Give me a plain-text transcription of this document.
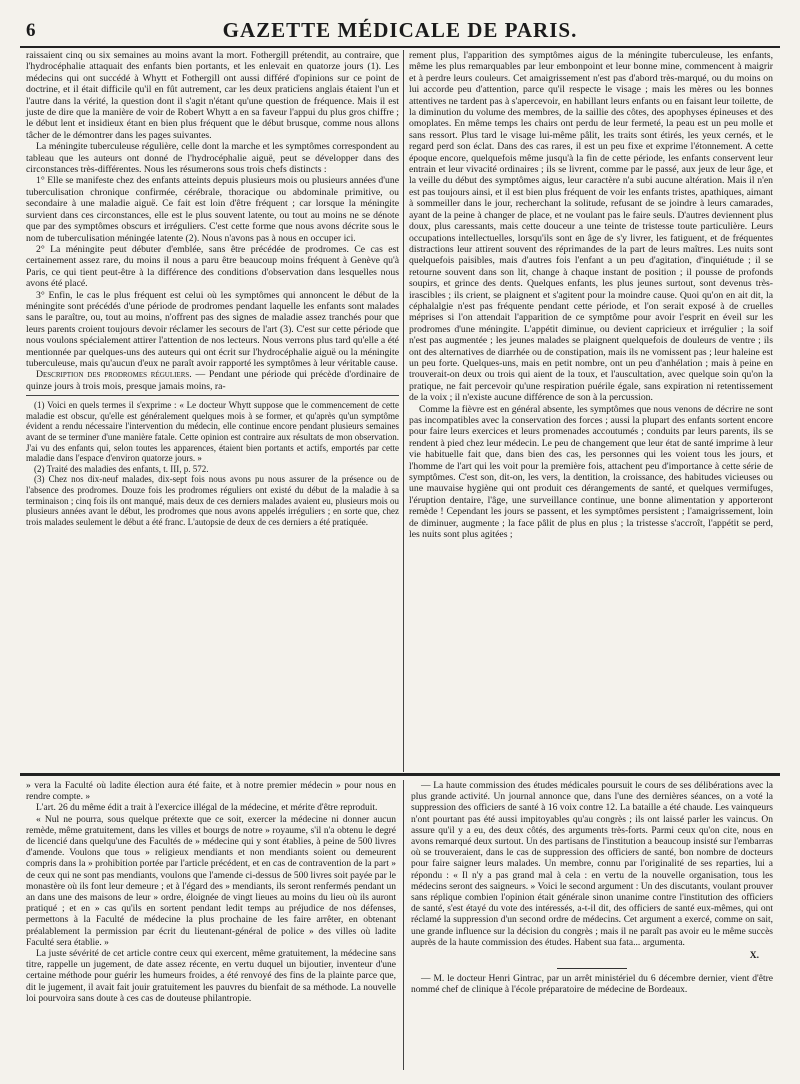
6	GAZETTE MÉDICALE DE PARIS.

raissaient cinq ou six semaines au moins avant la mort. Fothergill prétendit, au contraire, que l'hydrocéphalie attaquait des enfants bien portants, et les enlevait en quatorze jours (1). Les médecins qui ont succédé à Whytt et Fothergill ont aussi différé d'opinions sur ce point de doctrine, et il était difficile qu'il en fût autrement, car les deux praticiens anglais étaient l'un et l'autre dans la vérité, la question dont il s'agit n'étant qu'une question de fréquence. Mais il est juste de dire que la manière de voir de Robert Whytt a en sa faveur l'appui du plus gros chiffre ; le début lent et insidieux étant en bien plus fréquent que le début brusque, comme nous allons tâcher de le démontrer dans les pages suivantes.

La méningite tuberculeuse régulière, celle dont la marche et les symptômes correspondent au tableau que les auteurs ont donné de l'hydrocéphalie aiguë, peut se développer dans des circonstances très-différentes. Nous les résumerons sous trois chefs distincts :

1° Elle se manifeste chez des enfants atteints depuis plusieurs mois ou plusieurs années d'une tuberculisation chronique confirmée, cérébrale, thoracique ou abdominale primitive, ou secondaire à une maladie aiguë. Ce fait est loin d'être fréquent ; car lorsque la méningite survient dans ces circonstances, elle est le plus souvent latente, ou tout au moins ne se dénote que par des symptômes obscurs et irréguliers. C'est cette forme que nous avons décrite sous le nom de tuberculisation méningée latente (2). Nous n'avons pas à nous en occuper ici.

2° La méningite peut débuter d'emblée, sans être précédée de prodromes. Ce cas est certainement assez rare, du moins il nous a paru être beaucoup moins fréquent à Genève qu'à Paris, ce qui tient peut-être à la différence des conditions d'observation dans lesquelles nous avons été placé.

3° Enfin, le cas le plus fréquent est celui où les symptômes qui annoncent le début de la méningite sont précédés d'une période de prodromes pendant laquelle les enfants sont malades sans le paraître, ou, tout au moins, n'offrent pas des signes de maladie assez tranchés pour que leurs parents croient toujours devoir réclamer les secours de l'art (3). C'est sur cette période que nous voulons spécialement attirer l'attention de nos lecteurs. Nous verrons plus tard qu'elle a été mentionnée par quelques-uns des auteurs qui ont écrit sur l'hydrocéphalie aiguë ou la méningite tuberculeuse, mais qu'aucun d'eux ne paraît avoir rapporté les symptômes à leur véritable cause.

Description des prodromes réguliers. — Pendant une période qui précède d'ordinaire de quinze jours à trois mois, presque jamais moins, ra-

(1) Voici en quels termes il s'exprime : « Le docteur Whytt suppose que le commencement de cette maladie est obscur, qu'elle est généralement quelques mois à se former, et qu'après qu'un symptôme évident a rendu nécessaire l'intervention du médecin, elle continue encore pendant plusieurs semaines avant de se terminer d'une manière fatale. Cette opinion est contraire aux résultats de mon observation. J'ai vu des enfants qui, selon toutes les apparences, étaient bien portants et actifs, emportés par cette maladie dans l'espace d'environ quatorze jours. »

(2) Traité des maladies des enfants, t. III, p. 572.

(3) Chez nos dix-neuf malades, dix-sept fois nous avons pu nous assurer de la présence ou de l'absence des prodromes. Douze fois les prodromes réguliers ont existé du début de la maladie à sa terminaison ; cinq fois ils ont manqué, mais deux de ces derniers malades avaient eu, plusieurs mois ou plusieurs années avant le début, les prodromes que nous avons appelés irréguliers ; en sorte que, chez trois malades seulement le début a été franc. L'autopsie de deux de ces derniers a été pratiquée.

rement plus, l'apparition des symptômes aigus de la méningite tuberculeuse, les enfants, même les plus remarquables par leur embonpoint et leur bonne mine, commencent à maigrir et à perdre leurs couleurs. Cet amaigrissement n'est pas d'abord très-marqué, ou du moins on lui accorde peu d'attention, parce qu'il respecte le visage ; mais les mères ou les bonnes attentives ne tardent pas à s'apercevoir, en habillant leurs enfants ou en faisant leur toilette, de la diminution du volume des membres, de la saillie des côtes, des apophyses épineuses et des omoplates. En même temps les chairs ont perdu de leur fermeté, la peau est un peu molle et sans ressort. Plus tard le visage lui-même pâlit, les traits sont étirés, les yeux cernés, et le regard perd son éclat. Dans des cas rares, il est un peu fixe et exprime l'étonnement. A cette époque encore, quelquefois même jusqu'à la fin de cette période, les enfants conservent leur entrain et leur vivacité ordinaires ; ils se livrent, comme par le passé, aux jeux de leur âge, et la veille du début des symptômes aigus, leur caractère n'a subi aucune altération. Mais il n'en est pas toujours ainsi, et il est bien plus fréquent de voir les enfants tristes, apathiques, aimant à sommeiller dans le jour, recherchant la solitude, refusant de se joindre à leurs camarades, ayant de la peine à changer de place, et ne voulant pas le faire seuls. D'autres deviennent plus doux, plus caressants, mais cette douceur a une teinte de tristesse toute particulière. Leurs occupations intellectuelles, lorsqu'ils sont en âge de s'y livrer, les fatiguent, et de fréquentes distractions leur attirent souvent des réprimandes de la part de leurs maîtres. Les nuits sont quelquefois paisibles, mais d'autres fois l'enfant a un peu d'agitation, d'inquiétude ; il se retourne souvent dans son lit, change à chaque instant de position ; il pousse de profonds soupirs, et grince des dents. Quelques enfants, les plus jeunes surtout, sont devenus très-irascibles ; ils crient, se plaignent et s'agitent pour la moindre cause. Quoi qu'on en ait dit, la céphalalgie n'est pas fréquente pendant cette période, et l'on serait exposé à de cruelles méprises si l'on attendait l'apparition de ce symptôme pour avoir l'esprit en éveil sur les prodromes d'une méningite. L'appétit diminue, ou devient capricieux et irrégulier ; la soif n'est pas augmentée ; les jeunes malades se plaignent quelquefois de douleurs de ventre ; ils ont des alternatives de diarrhée ou de constipation, mais ils ne vomissent pas ; leur haleine est un peu forte. Quelques-uns, mais en petit nombre, ont un peu d'anhélation ; mais à peine en trouverait-on deux ou trois qui aient de la toux, et l'auscultation, avec quelque soin qu'on la pratique, ne fait percevoir qu'une respiration puérile égale, sans expiration ni retentissement de la voix ; il n'existe aucune différence de son à la percussion.

Comme la fièvre est en général absente, les symptômes que nous venons de décrire ne sont pas incompatibles avec la conservation des forces ; aussi la plupart des enfants sortent encore pour faire leurs exercices et leurs promenades accoutumés ; conduits par leurs parents, ils se rendent à pied chez leur médecin. Le peu de changement que leur état de santé imprime à leur vie habituelle fait que, dans bien des cas, les personnes qui les voient tous les jours, et l'homme de l'art qui les voit pour la première fois, attachent peu d'importance à cette série de symptômes. C'est son, dit-on, les vers, la dentition, la croissance, des habitudes vicieuses ou une mauvaise hygiène qui ont produit ces dérangements de santé, et quelques vermifuges, l'éruption dentaire, l'âge, une surveillance continue, une bonne alimentation y apporteront remède ! Cependant les jours se passent, et les symptômes persistent ; l'amaigrissement, loin de diminuer, augmente ; la face pâlit de plus en plus ; la tristesse s'accroît, l'appétit se perd, les nuits sont plus agitées ;

» vera la Faculté où ladite élection aura été faite, et à notre premier médecin » pour nous en rendre compte. »

L'art. 26 du même édit a trait à l'exercice illégal de la médecine, et mérite d'être reproduit.

« Nul ne pourra, sous quelque prétexte que ce soit, exercer la médecine ni donner aucun remède, même gratuitement, dans les villes et bourgs de notre » royaume, s'il n'a obtenu le degré de licencié dans quelqu'une des Facultés de » médecine qui y sont établies, à peine de 500 livres d'amende. Voulons que tous » religieux mendiants et non mendiants soient ou demeurent compris dans la » prohibition portée par l'article précédent, et en cas de contravention de la part » de ceux qui ne sont pas mendiants, voulons que l'amende ci-dessus de 500 livres soit payée par le monastère où ils font leur demeure ; et à l'égard des » mendiants, ils seront renfermés pendant un an dans une des maisons de leur » ordre, éloignée de vingt lieues au moins du lieu où ils auront pratiqué ; et en » cas qu'ils en sortent pendant ledit temps au préjudice de nos défenses, permettons à la Faculté de médecine la plus prochaine de les faire arrêter, en obtenant préalablement la permission par écrit du lieutenant-général de police » des villes où ladite Faculté sera établie. »

La juste sévérité de cet article contre ceux qui exercent, même gratuitement, la médecine sans titre, rappelle un jugement, de date assez récente, en vertu duquel un bijoutier, inventeur d'une certaine méthode pour guérir les humeurs froides, a été renvoyé des fins de la plainte parce que, dit le jugement, il avait fait jouir gratuitement les pauvres du bienfait de sa méthode. La nouvelle loi pourvoira sans doute à ces cas de douteuse philantropie.

— La haute commission des études médicales poursuit le cours de ses délibérations avec la plus grande activité. Un journal annonce que, dans l'une des dernières séances, on a voté la suppression des officiers de santé à 16 voix contre 12. La bataille a été chaude. Les vainqueurs n'ont pourtant pas été aussi impitoyables qu'au congrès ; ils ont laissé parler les vaincus. On assure qu'il y a eu, des deux côtés, des arguments très-forts. Parmi ceux qu'on cite, nous en avons remarqué deux surtout. Un des partisans de l'institution a beaucoup insisté sur l'embarras où se trouveraient, dans le cas de suppression des officiers de santé, bon nombre de docteurs pour faire saigner leurs malades. Un membre, connu par l'originalité de ses reparties, lui a répondu : « Il n'y a pas grand mal à cela : en vertu de la nouvelle organisation, tous les médecins seront des saigneurs. » Voici le second argument : Un des discutants, voulant prouver sans réplique combien l'opinion était générale sinon unanime contre l'institution des officiers de santé, s'est étayé du vote des intéressés, a-t-il dit, des officiers de santé eux-mêmes, qui ont réclamé la suppression d'un second ordre de médecins. Cet argument a exercé, comme on sait, une grande influence sur la décision du congrès ; mais il ne paraît pas avoir eu le même succès auprès de la haute commission des études. Habent sua fata... argumenta.

X.

— M. le docteur Henri Gintrac, par un arrêt ministériel du 6 décembre dernier, vient d'être nommé chef de clinique à l'école préparatoire de médecine de Bordeaux.
